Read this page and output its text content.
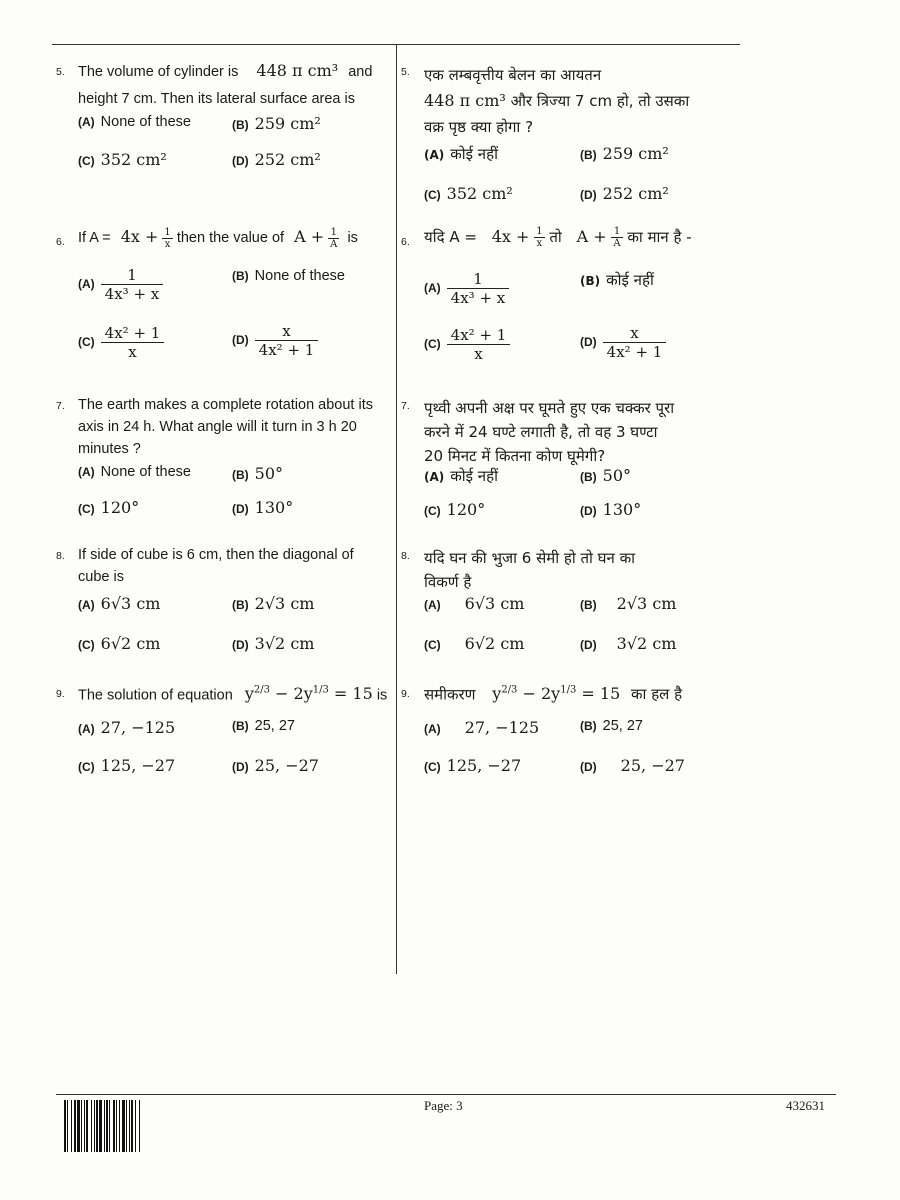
5. The volume of cylinder is 448 π cm³ and
height 7 cm. Then its lateral surface area is
(A) None of these	(B) 259 cm²
(C) 352 cm²	(D) 252 cm²
6. If $A = 4x + \frac{1}{x}$ then the value of $A + \frac{1}{A}$ is
$(A) \frac{1}{\text{4x³ + x}}$	(B) None of these
$(C) \frac{\text{4x² + 1}}{x}$	$(D) \frac{x}{\text{4x² + 1}}$
7. The earth makes a complete rotation about its
axis in 24 h. What angle will it turn in 3 h 20
minutes ?
(A) None of these	(B) 50°
(C) 120°	(D) 130°
8. If side of cube is 6 cm, then the diagonal of
cube is
(A) 6√3 cm	(B) 2√3 cm
(C) 6√2 cm	(D) 3√2 cm
9. The solution of equation $y^{2/3} - 2y^{1/3} = 15$ is
(A) 27, −125	(B) 25, 27
(C) 125, −27	(D) 25, −27
5. एक लम्बवृत्तीय बेलन का आयतन
448 π cm³ और त्रिज्या 7 cm हो, तो उसका
वक्र पृष्ठ क्या होगा ?
(A) कोई नहीं	(B) 259 cm²
(C) 352 cm²	(D) 252 cm²
6. यदि $A = 4x + \frac{1}{x}$ तो $A + \frac{1}{A}$ का मान है -
$(A) \frac{1}{\text{4x³ + x}}$	(B) कोई नहीं
$(C) \frac{\text{4x² + 1}}{x}$	$(D) \frac{x}{\text{4x² + 1}}$
7. पृथ्वी अपनी अक्ष पर घूमते हुए एक चक्कर पूरा
करने में 24 घण्टे लगाती है, तो वह 3 घण्टा
20 मिनट में कितना कोण घूमेगी?
(A) कोई नहीं	(B) 50°
(C) 120°	(D) 130°
8. यदि घन की भुजा 6 सेमी हो तो घन का
विकर्ण है
(A) 6√3 cm	(B) 2√3 cm
(C) 6√2 cm	(D) 3√2 cm
9. समीकरण $y^{2/3} - 2y^{1/3} = 15$ का हल है
(A) 27, −125	(B) 25, 27
(C) 125, −27	(D) 25, −27
Page: 3	432631
